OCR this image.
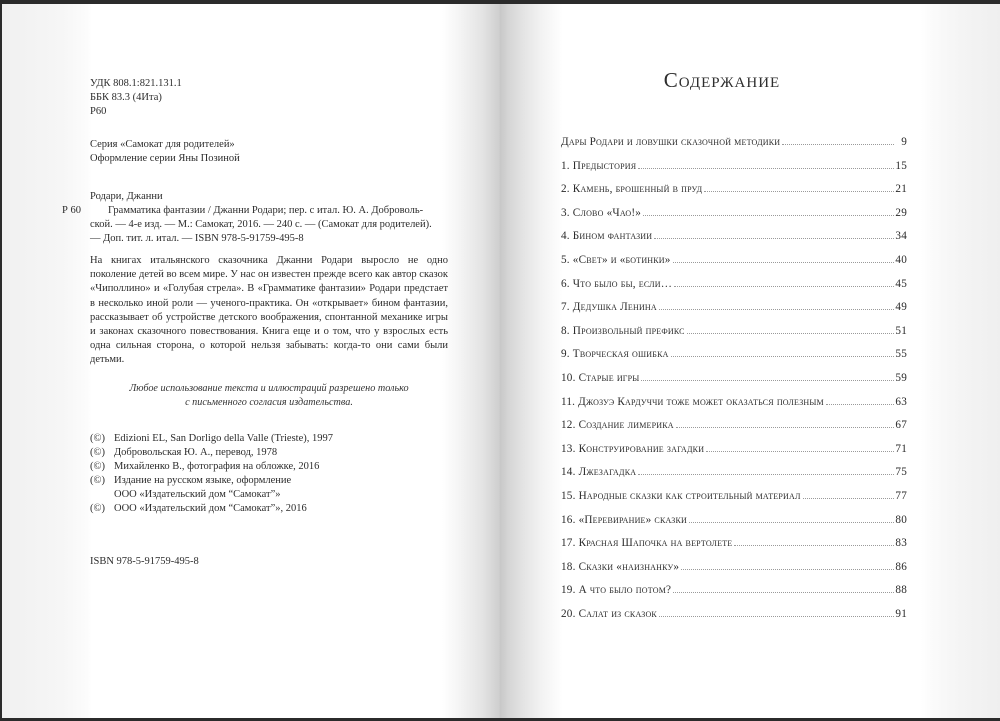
УДК 808.1:821.131.1
ББК 83.3 (4Ита)
Р60
Серия «Самокат для родителей»
Оформление серии Яны Позиной
Родари, Джанни
Р 60	Грамматика фантазии / Джанни Родари; пер. с итал. Ю. А. Доброволь-
ской. — 4-е изд. — М.: Самокат, 2016. — 240 с. — (Самокат для родителей).
— Доп. тит. л. итал. — ISBN 978-5-91759-495-8
На книгах итальянского сказочника Джанни Родари выросло не одно поколение детей во всем мире. У нас он известен прежде всего как автор сказок «Чиполлино» и «Голубая стрела». В «Грамматике фантазии» Родари предстает в несколько иной роли — ученого-практика. Он «открывает» бином фантазии, рассказывает об устройстве детского воображения, спонтанной механике игры и законах сказочного повествования. Книга еще и о том, что у взрослых есть одна сильная сторона, о которой нельзя забывать: когда-то они сами были детьми.
Любое использование текста и иллюстраций разрешено только
с письменного согласия издательства.
(©) Edizioni EL, San Dorligo della Valle (Trieste), 1997
(©) Добровольская Ю. А., перевод, 1978
(©) Михайленко В., фотография на обложке, 2016
(©) Издание на русском языке, оформление
ООО «Издательский дом “Самокат”»
(©) ООО «Издательский дом “Самокат”», 2016
ISBN 978-5-91759-495-8
Содержание
Дары Родари и ловушки сказочной методики	9
1. Предыстория	15
2. Камень, брошенный в пруд	21
3. Слово «Чао!»	29
4. Бином фантазии	34
5. «Свет» и «ботинки»	40
6. Что было бы, если…	45
7. Дедушка Ленина	49
8. Произвольный префикс	51
9. Творческая ошибка	55
10. Старые игры	59
11. Джозуэ Кардуччи тоже может оказаться полезным	63
12. Создание лимерика	67
13. Конструирование загадки	71
14. Лжезагадка	75
15. Народные сказки как строительный материал	77
16. «Перевирание» сказки	80
17. Красная Шапочка на вертолете	83
18. Сказки «наизнанку»	86
19. А что было потом?	88
20. Салат из сказок	91
